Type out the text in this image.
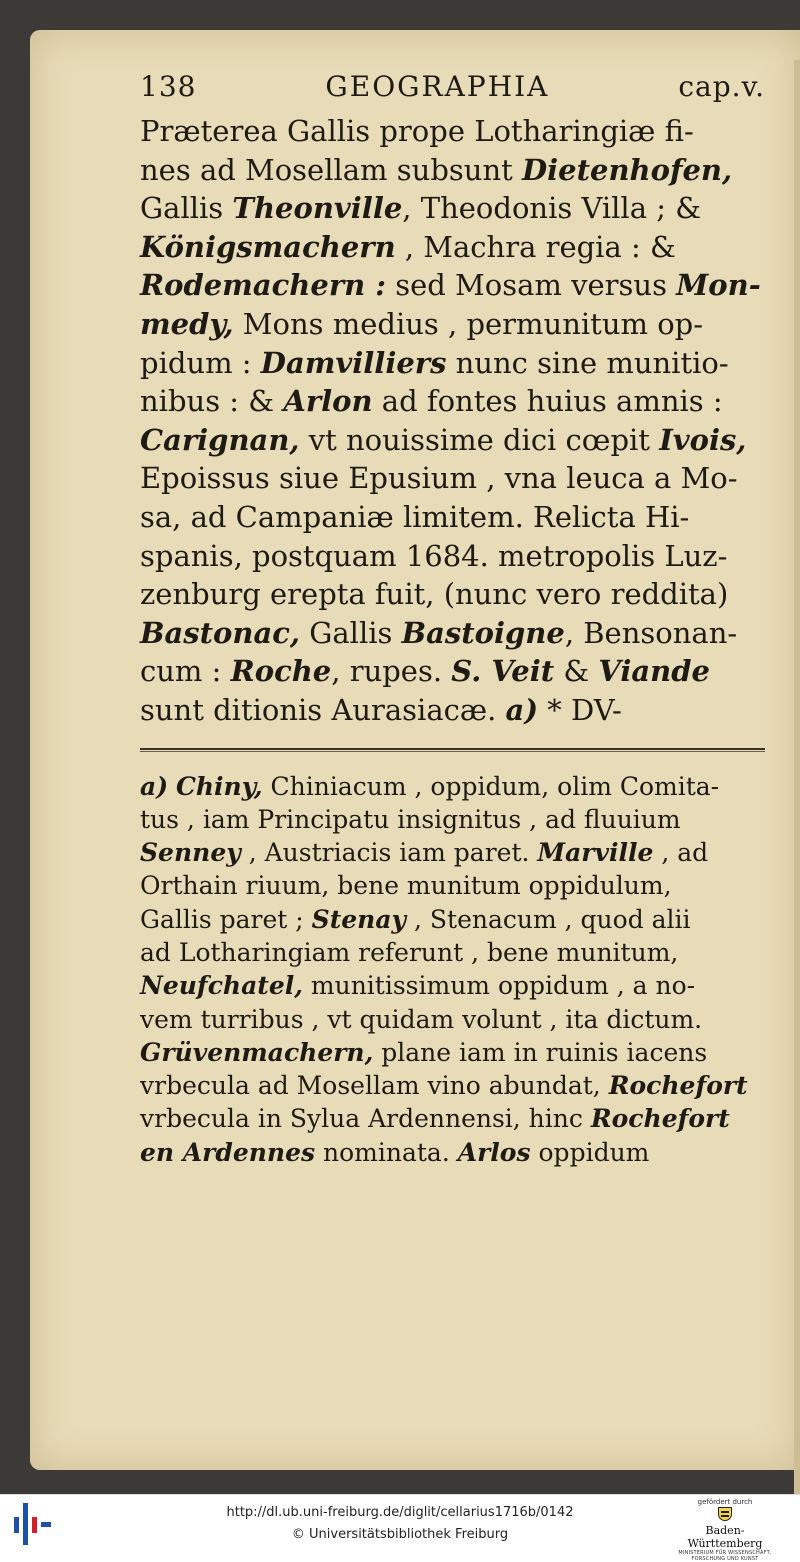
138	GEOGRAPHIA	cap.v.
Præterea Gallis prope Lotharingiæ fi-
nes ad Mosellam subsunt Dietenhofen,
Gallis Theonville, Theodonis Villa ; &
Königsmachern , Machra regia : &
Rodemachern : sed Mosam versus Mon-
medy, Mons medius , permunitum op-
pidum : Damvilliers nunc sine munitio-
nibus : & Arlon ad fontes huius amnis :
Carignan, vt nouissime dici cœpit Ivois,
Epoissus siue Epusium , vna leuca a Mo-
sa, ad Campaniæ limitem. Relicta Hi-
spanis, postquam 1684. metropolis Luz-
zenburg erepta fuit, (nunc vero reddita)
Bastonac, Gallis Bastoigne, Bensonan-
cum : Roche, rupes. S. Veit & Viande
sunt ditionis Aurasiacæ. a) * DV-
a) Chiny, Chiniacum , oppidum, olim Comita-
tus , iam Principatu insignitus , ad fluuium
Senney , Austriacis iam paret. Marville , ad
Orthain riuum, bene munitum oppidulum,
Gallis paret ; Stenay , Stenacum , quod alii
ad Lotharingiam referunt , bene munitum,
Neufchatel, munitissimum oppidum , a no-
vem turribus , vt quidam volunt , ita dictum.
Grüvenmachern, plane iam in ruinis iacens
vrbecula ad Mosellam vino abundat, Rochefort
vrbecula in Sylua Ardennensi, hinc Rochefort
en Ardennes nominata. Arlos oppidum
http://dl.ub.uni-freiburg.de/diglit/cellarius1716b/0142
© Universitätsbibliothek Freiburg
gefördert durch
Baden-Württemberg
MINISTERIUM FÜR WISSENSCHAFT, FORSCHUNG UND KUNST
